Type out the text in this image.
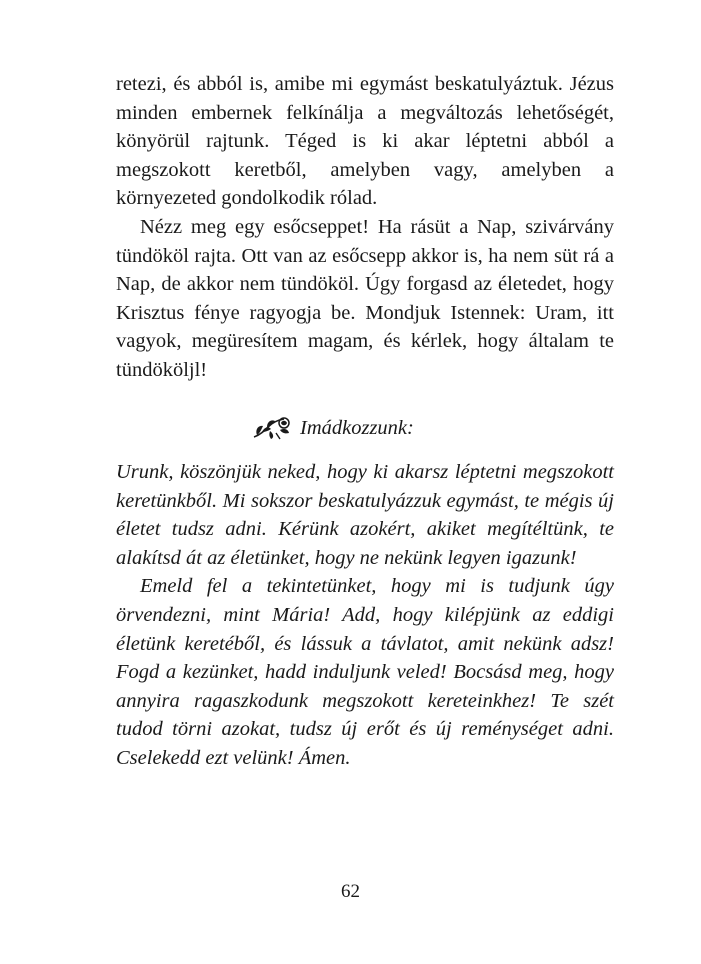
retezi, és abból is, amibe mi egymást beskatulyáztuk. Jézus minden embernek felkínálja a megváltozás lehetőségét, könyörül rajtunk. Téged is ki akar léptetni abból a megszokott keretből, amelyben vagy, amelyben a környezeted gondolkodik rólad.

Nézz meg egy esőcseppet! Ha rásüt a Nap, szivárvány tündököl rajta. Ott van az esőcsepp akkor is, ha nem süt rá a Nap, de akkor nem tündököl. Úgy forgasd az életedet, hogy Krisztus fénye ragyogja be. Mondjuk Istennek: Uram, itt vagyok, megüresítem magam, és kérlek, hogy általam te tündököljl!

Imádkozzunk:

Urunk, köszönjük neked, hogy ki akarsz léptetni megszokott keretünkből. Mi sokszor beskatulyázzuk egymást, te mégis új életet tudsz adni. Kérünk azokért, akiket megítéltünk, te alakítsd át az életünket, hogy ne nekünk legyen igazunk!

Emeld fel a tekintetünket, hogy mi is tudjunk úgy örvendezni, mint Mária! Add, hogy kilépjünk az eddigi életünk keretéből, és lássuk a távlatot, amit nekünk adsz! Fogd a kezünket, hadd induljunk veled! Bocsásd meg, hogy annyira ragaszkodunk megszokott kereteinkhez! Te szét tudod törni azokat, tudsz új erőt és új reménységet adni. Cselekedd ezt velünk! Ámen.

62
